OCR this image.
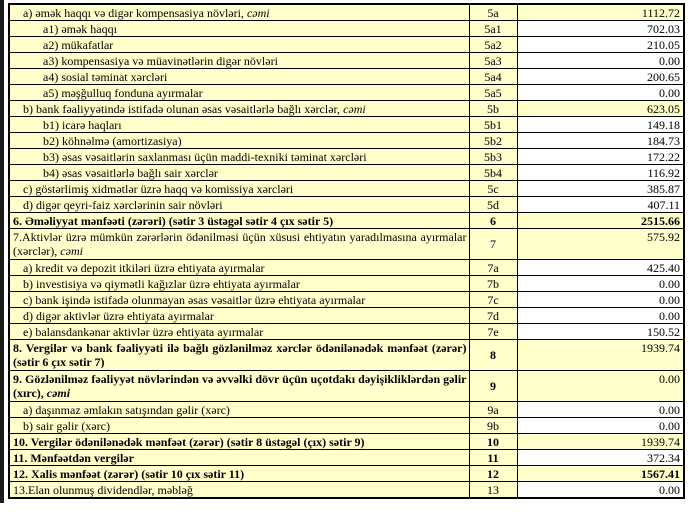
a) əmək haqqı və digər kompensasiya növləri, cəmi	5a	1112.72
a1) əmək haqqı	5a1	702.03
a2) mükafatlar	5a2	210.05
a3) kompensasiya və müavinətlərin digər növləri	5a3	0.00
a4) sosial təminat xərcləri	5a4	200.65
a5) məşğulluq fonduna ayırmalar	5a5	0.00
b) bank fəaliyyətində istifadə olunan əsas vəsaitlərlə bağlı xərclər, cəmi	5b	623.05
b1) icarə haqları	5b1	149.18
b2) köhnəlmə (amortizasiya)	5b2	184.73
b3) əsas vəsaitlərin saxlanması üçün maddi-texniki təminat xərcləri	5b3	172.22
b4) əsas vəsaitlərlə bağlı sair xərclər	5b4	116.92
c) göstərlimiş xidmətlər üzrə haqq və komissiya xərcləri	5c	385.87
d) digər qeyri-faiz xərclərinin sair növləri	5d	407.11
6. Əməliyyat mənfəəti (zərəri) (sətir 3 üstəgəl sətir 4 çıx sətir 5)	6	2515.66
7.Aktivlər üzrə mümkün zərərlərin ödənilməsi üçün xüsusi ehtiyatın yaradılmasına ayırmalar (xərclər), cəmi	7	575.92
a) kredit və depozit itkiləri üzrə ehtiyata ayırmalar	7a	425.40
b) investisiya və qiymətli kağızlar üzrə ehtiyata ayırmalar	7b	0.00
c) bank işində istifadə olunmayan əsas vəsaitlər üzrə ehtiyata ayırmalar	7c	0.00
d) digər aktivlər üzrə ehtiyata ayırmalar	7d	0.00
e) balansdankənar aktivlər üzrə ehtiyata ayırmalar	7e	150.52
8. Vergilər və bank fəaliyyəti ilə bağlı gözlənilməz xərclər ödənilənədək mənfəət (zərər) (sətir 6 çıx sətir 7)	8	1939.74
9. Gözlənilməz fəaliyyət növlərindən və əvvəlki dövr üçün uçotdakı dəyişikliklərdən gəlir (xırc), cəmi	9	0.00
a) daşınmaz əmlakın satışından gəlir (xərc)	9a	0.00
b) sair gəlir (xərc)	9b	0.00
10. Vergilər ödənilənədək mənfəət (zərər) (sətir 8 üstəgəl (çıx) sətir 9)	10	1939.74
11. Mənfəətdən vergilər	11	372.34
12. Xalis mənfəət (zərər) (sətir 10 çıx sətir 11)	12	1567.41
13.Elan olunmuş dividendlər, məbləğ	13	0.00
